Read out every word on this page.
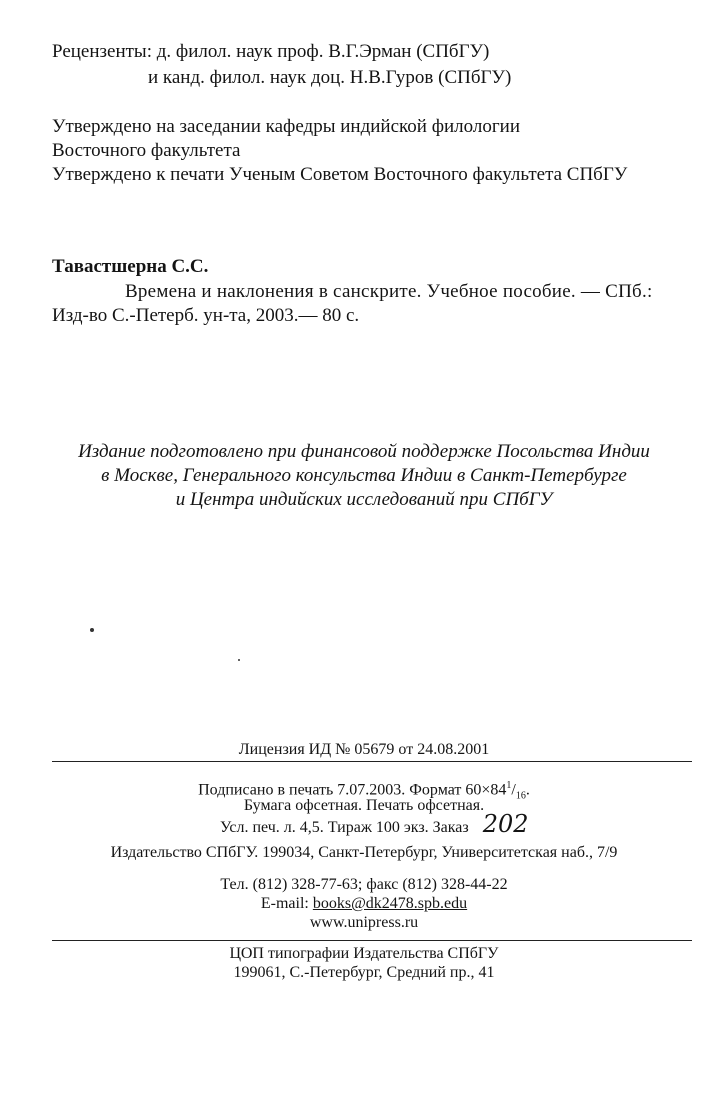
Рецензенты: д. филол. наук проф. В.Г.Эрман (СПбГУ)
и канд. филол. наук доц. Н.В.Гуров (СПбГУ)
Утверждено на заседании кафедры индийской филологии
Восточного факультета
Утверждено к печати Ученым Советом Восточного факультета СПбГУ
Тавастшерна С.С.
Времена и наклонения в санскрите. Учебное пособие. — СПб.:
Изд-во С.-Петерб. ун-та, 2003.— 80 с.
Издание подготовлено при финансовой поддержке Посольства Индии
в Москве, Генерального консульства Индии в Санкт-Петербурге
и Центра индийских исследований при СПбГУ
Лицензия ИД № 05679 от 24.08.2001
Подписано в печать 7.07.2003. Формат $60\times 84^1/_{16}$.
Бумага офсетная. Печать офсетная.
Усл. печ. л. 4,5. Тираж 100 экз. Заказ 202
Издательство СПбГУ. 199034, Санкт-Петербург, Университетская наб., 7/9
Тел. (812) 328-77-63; факс (812) 328-44-22
E-mail: books@dk2478.spb.edu
www.unipress.ru
ЦОП типографии Издательства СПбГУ
199061, С.-Петербург, Средний пр., 41
